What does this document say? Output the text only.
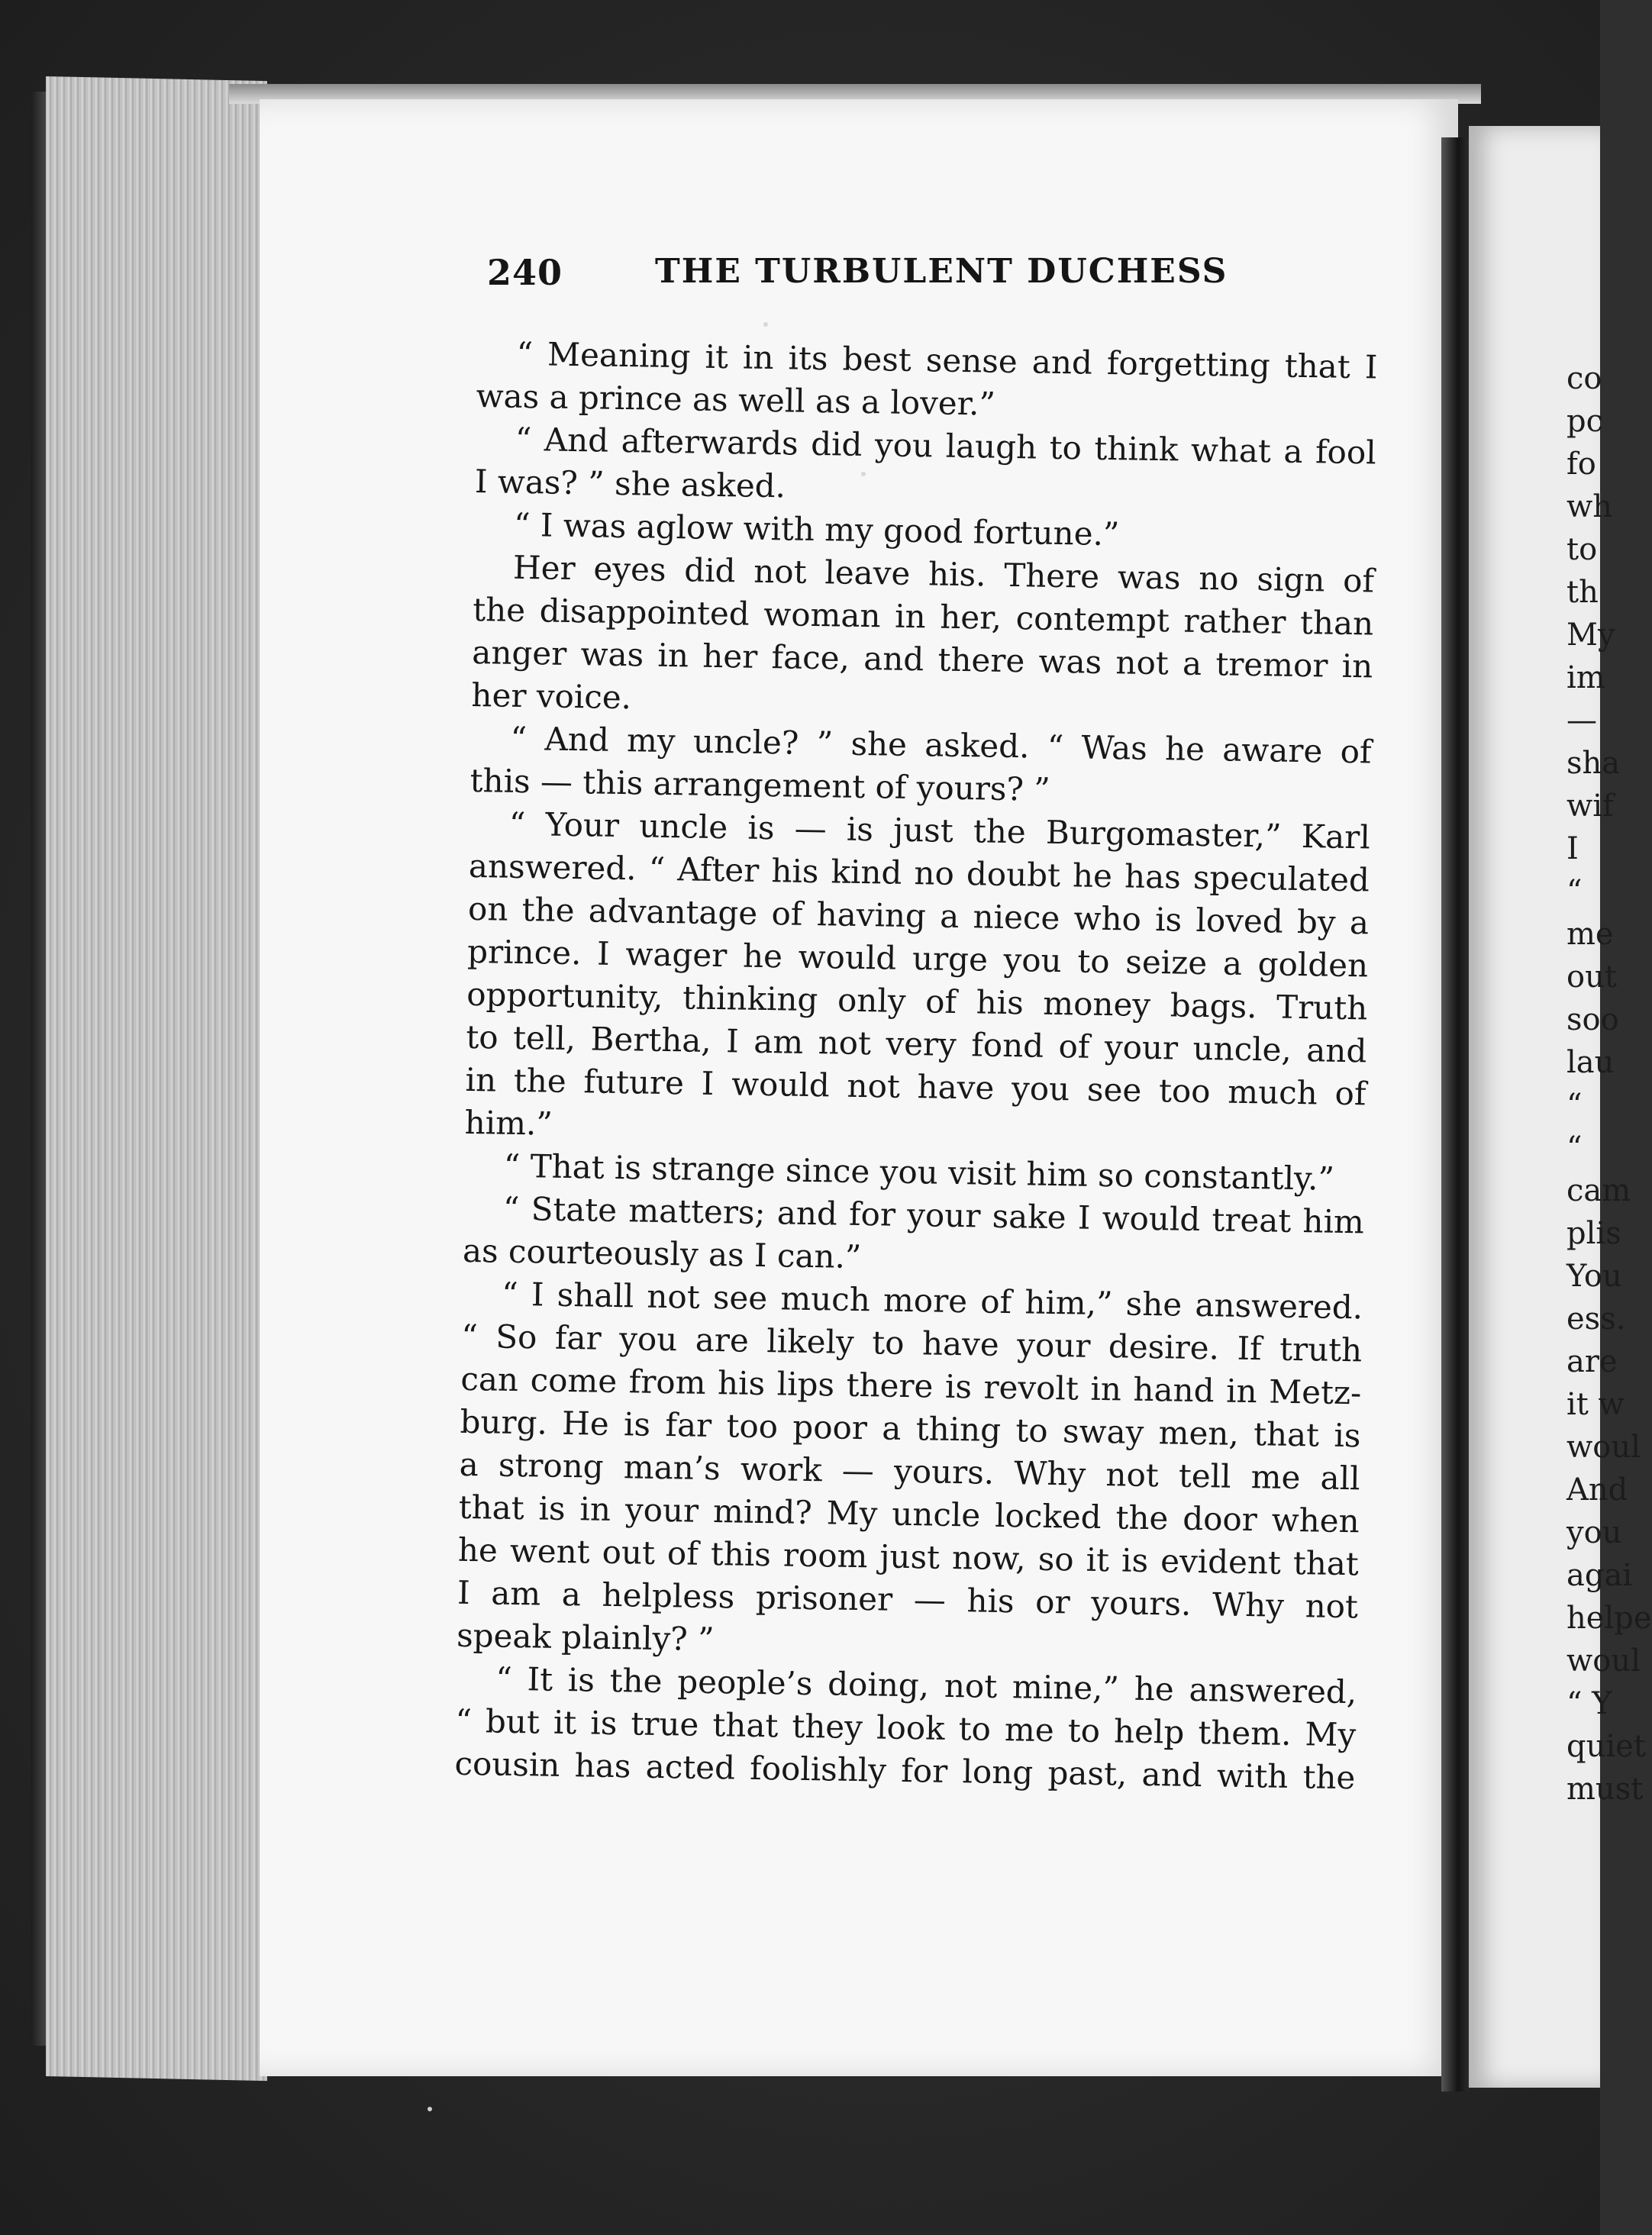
240	THE TURBULENT DUCHESS
“ Meaning it in its best sense and forgetting that I
was a prince as well as a lover.”
“ And afterwards did you laugh to think what a fool
I was? ” she asked.
“ I was aglow with my good fortune.”
Her eyes did not leave his. There was no sign of
the disappointed woman in her, contempt rather than
anger was in her face, and there was not a tremor in
her voice.
“ And my uncle? ” she asked. “ Was he aware of
this — this arrangement of yours? ”
“ Your uncle is — is just the Burgomaster,” Karl
answered. “ After his kind no doubt he has speculated
on the advantage of having a niece who is loved by a
prince. I wager he would urge you to seize a golden
opportunity, thinking only of his money bags. Truth
to tell, Bertha, I am not very fond of your uncle, and
in the future I would not have you see too much of
him.”
“ That is strange since you visit him so constantly.”
“ State matters; and for your sake I would treat him
as courteously as I can.”
“ I shall not see much more of him,” she answered.
“ So far you are likely to have your desire. If truth
can come from his lips there is revolt in hand in Metz-
burg. He is far too poor a thing to sway men, that is
a strong man’s work — yours. Why not tell me all
that is in your mind? My uncle locked the door when
he went out of this room just now, so it is evident that
I am a helpless prisoner — his or yours. Why not
speak plainly? ”
“ It is the people’s doing, not mine,” he answered,
“ but it is true that they look to me to help them. My
cousin has acted foolishly for long past, and with the
co
pc
fo
wh
to
th
My
im
—
sha
wif
I
“
me
out
soo
lau
“
“
cam
plis
You
ess.
are
it w
woul
And
you
agai
helpe
woul
“ Y
quiet
must
